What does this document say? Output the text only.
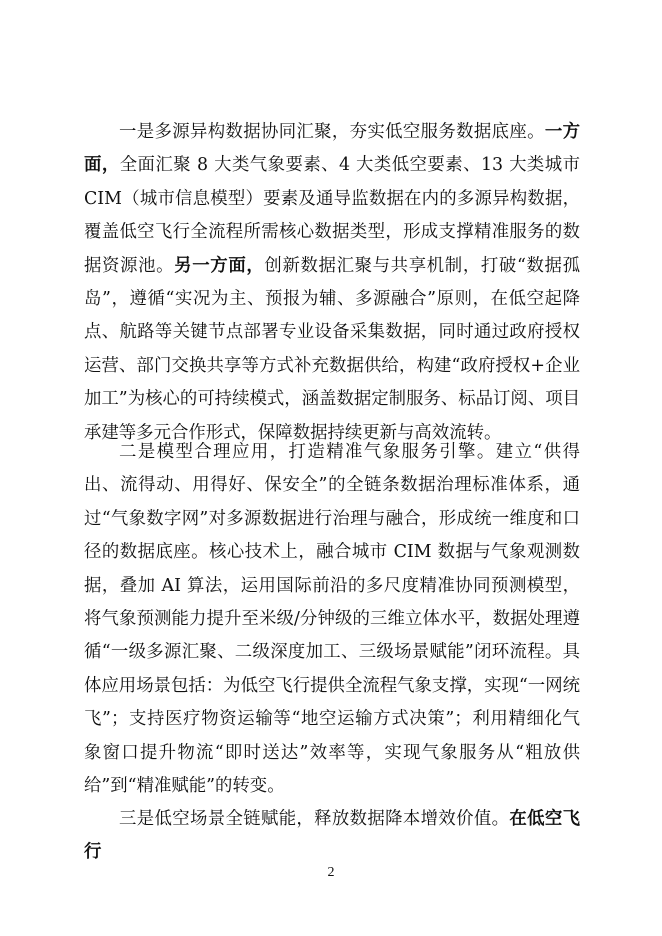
一是多源异构数据协同汇聚，夯实低空服务数据底座。一方面，全面汇聚 8 大类气象要素、4 大类低空要素、13 大类城市 CIM（城市信息模型）要素及通导监数据在内的多源异构数据，覆盖低空飞行全流程所需核心数据类型，形成支撑精准服务的数据资源池。另一方面，创新数据汇聚与共享机制，打破“数据孤岛”，遵循“实况为主、预报为辅、多源融合”原则，在低空起降点、航路等关键节点部署专业设备采集数据，同时通过政府授权运营、部门交换共享等方式补充数据供给，构建“政府授权+企业加工”为核心的可持续模式，涵盖数据定制服务、标品订阅、项目承建等多元合作形式，保障数据持续更新与高效流转。

二是模型合理应用，打造精准气象服务引擎。建立“供得出、流得动、用得好、保安全”的全链条数据治理标准体系，通过“气象数字网”对多源数据进行治理与融合，形成统一维度和口径的数据底座。核心技术上，融合城市 CIM 数据与气象观测数据，叠加 AI 算法，运用国际前沿的多尺度精准协同预测模型，将气象预测能力提升至米级/分钟级的三维立体水平，数据处理遵循“一级多源汇聚、二级深度加工、三级场景赋能”闭环流程。具体应用场景包括：为低空飞行提供全流程气象支撑，实现“一网统飞”；支持医疗物资运输等“地空运输方式决策”；利用精细化气象窗口提升物流“即时送达”效率等，实现气象服务从“粗放供给”到“精准赋能”的转变。

三是低空场景全链赋能，释放数据降本增效价值。在低空飞行

2
